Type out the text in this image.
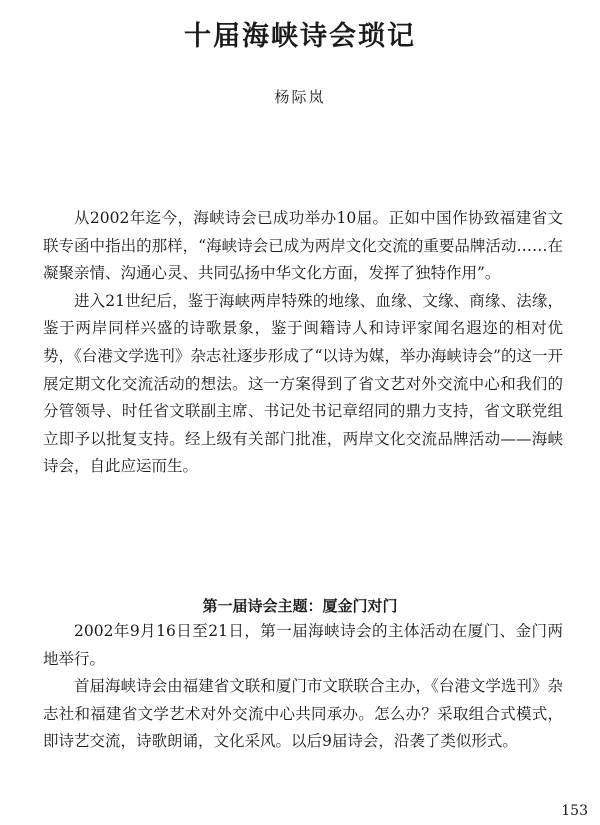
十届海峡诗会琐记
杨际岚

从2002年迄今，海峡诗会已成功举办10届。正如中国作协致福建省文联专函中指出的那样，“海峡诗会已成为两岸文化交流的重要品牌活动……在凝聚亲情、沟通心灵、共同弘扬中华文化方面，发挥了独特作用”。

进入21世纪后，鉴于海峡两岸特殊的地缘、血缘、文缘、商缘、法缘，鉴于两岸同样兴盛的诗歌景象，鉴于闽籍诗人和诗评家闻名遐迩的相对优势，《台港文学选刊》杂志社逐步形成了“以诗为媒，举办海峡诗会”的这一开展定期文化交流活动的想法。这一方案得到了省文艺对外交流中心和我们的分管领导、时任省文联副主席、书记处书记章绍同的鼎力支持，省文联党组立即予以批复支持。经上级有关部门批准，两岸文化交流品牌活动——海峡诗会，自此应运而生。

第一届诗会主题：厦金门对门

2002年9月16日至21日，第一届海峡诗会的主体活动在厦门、金门两地举行。

首届海峡诗会由福建省文联和厦门市文联联合主办，《台港文学选刊》杂志社和福建省文学艺术对外交流中心共同承办。怎么办？采取组合式模式，即诗艺交流，诗歌朗诵，文化采风。以后9届诗会，沿袭了类似形式。

153
